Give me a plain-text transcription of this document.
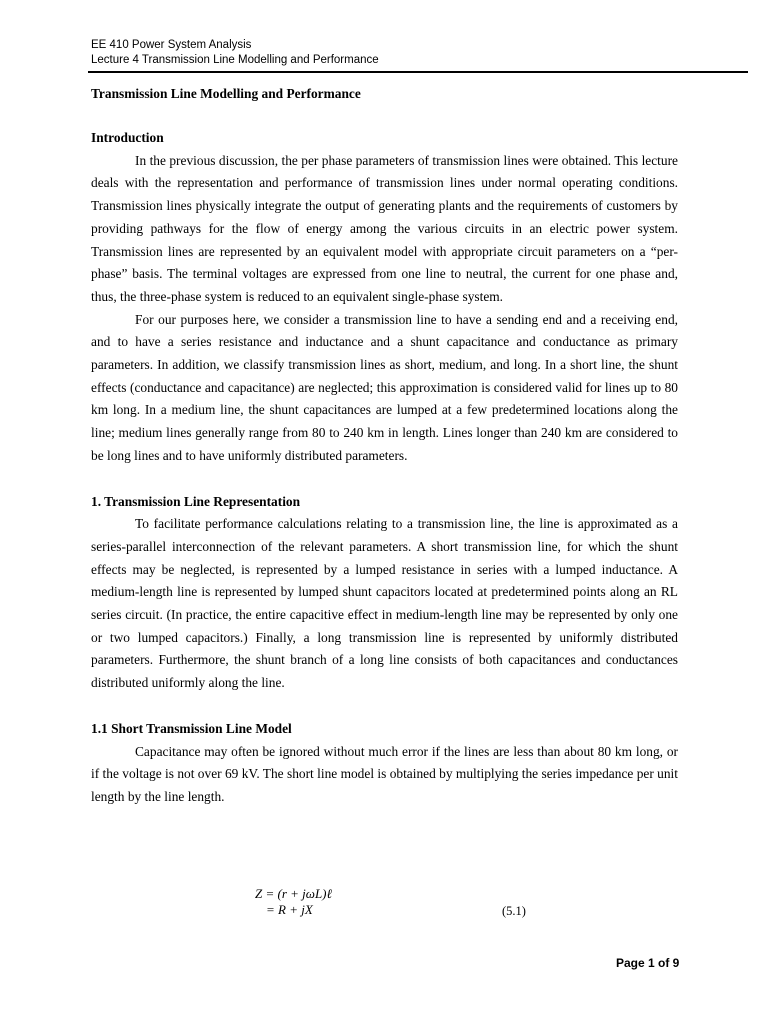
EE 410 Power System Analysis
Lecture 4 Transmission Line Modelling and Performance

Transmission Line Modelling and Performance

Introduction

In the previous discussion, the per phase parameters of transmission lines were obtained. This lecture deals with the representation and performance of transmission lines under normal operating conditions. Transmission lines physically integrate the output of generating plants and the requirements of customers by providing pathways for the flow of energy among the various circuits in an electric power system. Transmission lines are represented by an equivalent model with appropriate circuit parameters on a “per-phase” basis. The terminal voltages are expressed from one line to neutral, the current for one phase and, thus, the three-phase system is reduced to an equivalent single-phase system.

For our purposes here, we consider a transmission line to have a sending end and a receiving end, and to have a series resistance and inductance and a shunt capacitance and conductance as primary parameters. In addition, we classify transmission lines as short, medium, and long. In a short line, the shunt effects (conductance and capacitance) are neglected; this approximation is considered valid for lines up to 80 km long. In a medium line, the shunt capacitances are lumped at a few predetermined locations along the line; medium lines generally range from 80 to 240 km in length. Lines longer than 240 km are considered to be long lines and to have uniformly distributed parameters.

1. Transmission Line Representation

To facilitate performance calculations relating to a transmission line, the line is approximated as a series-parallel interconnection of the relevant parameters. A short transmission line, for which the shunt effects may be neglected, is represented by a lumped resistance in series with a lumped inductance. A medium-length line is represented by lumped shunt capacitors located at predetermined points along an RL series circuit. (In practice, the entire capacitive effect in medium-length line may be represented by only one or two lumped capacitors.) Finally, a long transmission line is represented by uniformly distributed parameters. Furthermore, the shunt branch of a long line consists of both capacitances and conductances distributed uniformly along the line.

1.1 Short Transmission Line Model

Capacitance may often be ignored without much error if the lines are less than about 80 km long, or if the voltage is not over 69 kV. The short line model is obtained by multiplying the series impedance per unit length by the line length.

Z = (r + jωL)ℓ
= R + jX	(5.1)
Page 1 of 9
